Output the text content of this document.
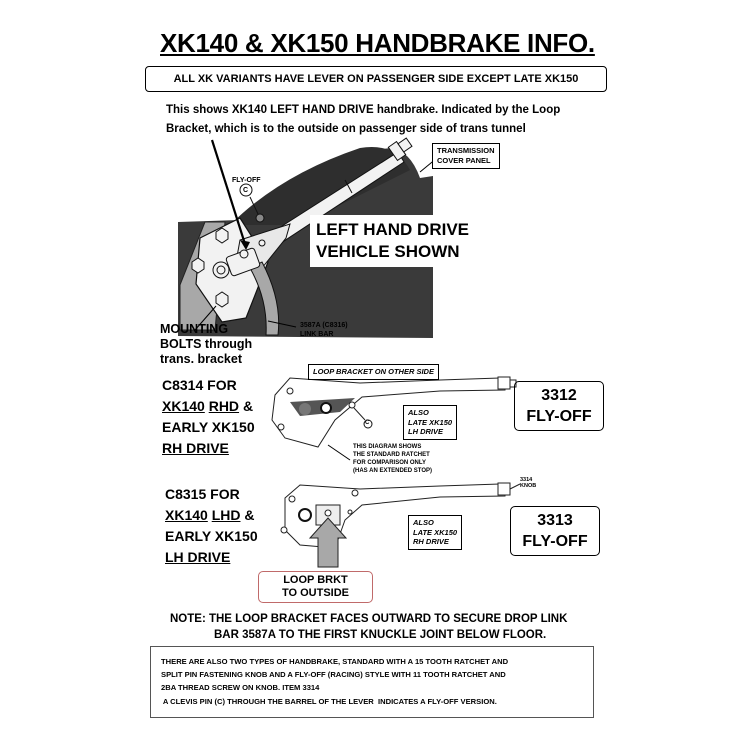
XK140 & XK150 HANDBRAKE INFO.
ALL XK VARIANTS HAVE LEVER ON PASSENGER SIDE EXCEPT LATE XK150
This shows XK140 LEFT HAND DRIVE handbrake. Indicated by the Loop
Bracket, which is to the outside on passenger side of trans tunnel
TRANSMISSION
COVER PANEL
FLY-OFF
C
LEFT HAND DRIVE
VEHICLE SHOWN
MOUNTING
BOLTS through
trans. bracket
3587A (C8316)
LINK BAR
LOOP BRACKET ON OTHER SIDE
C8314 FOR
XK140 RHD &
EARLY XK150
RH DRIVE
ALSO
LATE XK150
LH DRIVE
C
THIS DIAGRAM SHOWS
THE STANDARD RATCHET
FOR COMPARISON ONLY
(HAS AN EXTENDED STOP)
3312
FLY-OFF
C8315 FOR
XK140 LHD &
EARLY XK150
LH DRIVE
3314
KNOB
ALSO
LATE XK150
RH DRIVE
3313
FLY-OFF
LOOP BRKT
TO OUTSIDE
NOTE: THE LOOP BRACKET FACES OUTWARD TO SECURE DROP LINK
BAR 3587A TO THE FIRST KNUCKLE JOINT BELOW FLOOR.
THERE ARE ALSO TWO TYPES OF HANDBRAKE, STANDARD WITH A 15 TOOTH RATCHET AND
SPLIT PIN FASTENING KNOB AND A FLY-OFF (RACING) STYLE WITH 11 TOOTH RATCHET AND
2BA THREAD SCREW ON KNOB. ITEM 3314
A CLEVIS PIN (C) THROUGH THE BARREL OF THE LEVER  INDICATES A FLY-OFF VERSION.
